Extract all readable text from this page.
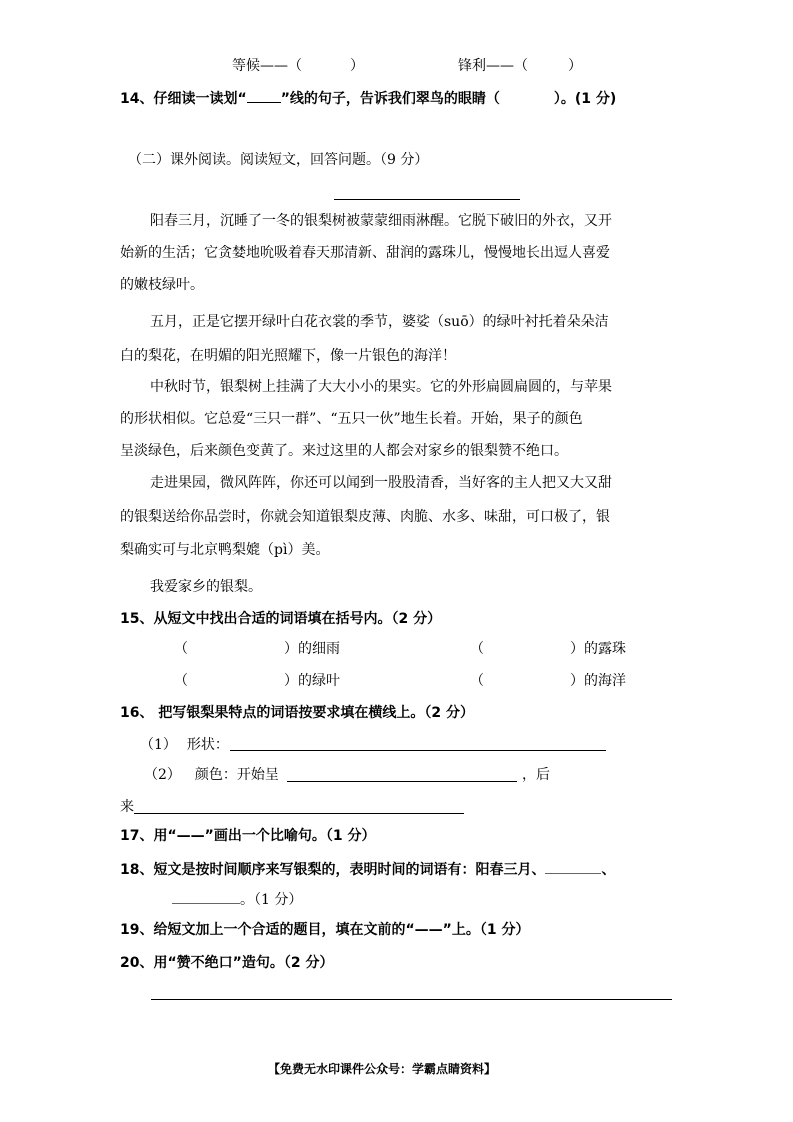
等候——（	）	锋利——（	）
14、仔细读一读划“ ”线的句子，告诉我们翠鸟的眼睛（	）。(1 分)
（二）课外阅读。阅读短文，回答问题。（9 分）
阳春三月，沉睡了一冬的银梨树被蒙蒙细雨淋醒。它脱下破旧的外衣，又开
始新的生活；它贪婪地吮吸着春天那清新、甜润的露珠儿，慢慢地长出逗人喜爱
的嫩枝绿叶。
五月，正是它摆开绿叶白花衣裳的季节，婆娑（suō）的绿叶衬托着朵朵洁
白的梨花，在明媚的阳光照耀下，像一片银色的海洋！
中秋时节，银梨树上挂满了大大小小的果实。它的外形扁圆扁圆的，与苹果
的形状相似。它总爱“三只一群”、“五只一伙”地生长着。开始，果子的颜色
呈淡绿色，后来颜色变黄了。来过这里的人都会对家乡的银梨赞不绝口。
走进果园，微风阵阵，你还可以闻到一股股清香，当好客的主人把又大又甜
的银梨送给你品尝时，你就会知道银梨皮薄、肉脆、水多、味甜，可口极了，银
梨确实可与北京鸭梨媲（pì）美。
我爱家乡的银梨。
15、从短文中找出合适的词语填在括号内。（2 分）
（	）的细雨	（	）的露珠
（	）的绿叶	（	）的海洋
16、 把写银梨果特点的词语按要求填在横线上。（2 分）
（1） 形状：
（2） 颜色：开始呈	，后
来
17、用“——”画出一个比喻句。（1 分）
18、短文是按时间顺序来写银梨的，表明时间的词语有：阳春三月、	、
。（1 分）
19、给短文加上一个合适的题目，填在文前的“——”上。（1 分）
20、用“赞不绝口”造句。（2 分）
【免费无水印课件公众号：学霸点睛资料】
